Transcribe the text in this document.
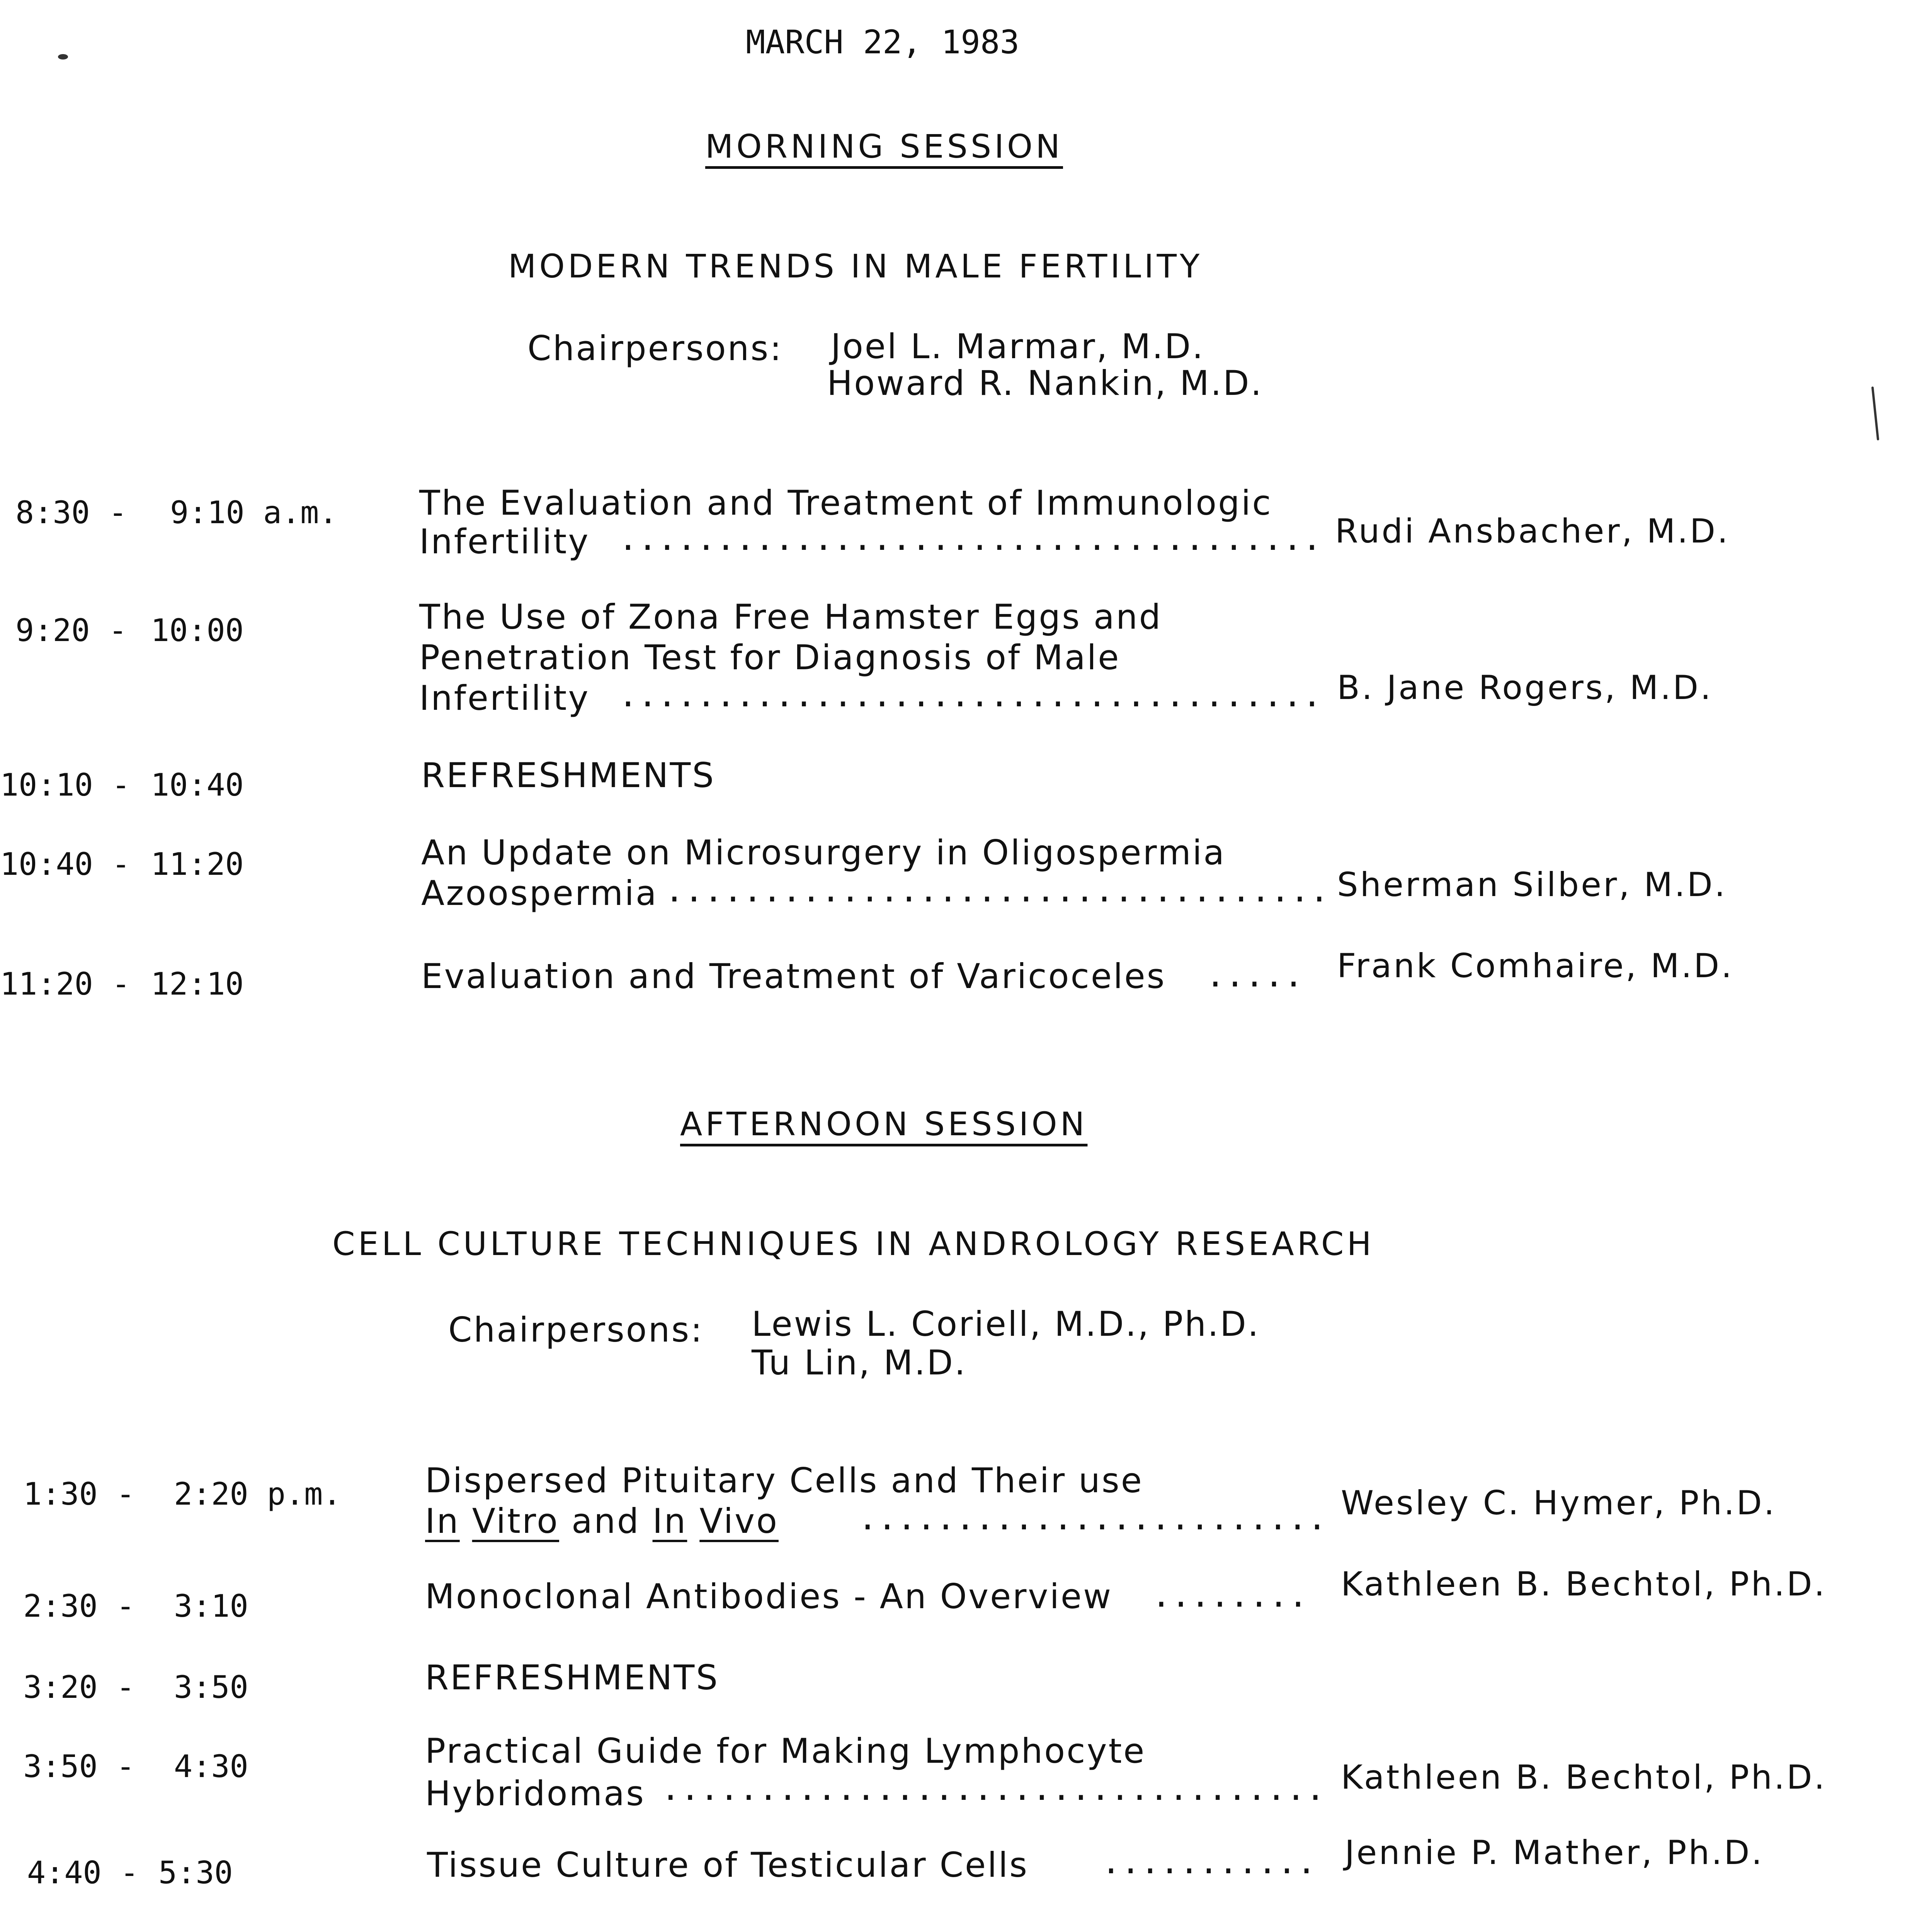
MARCH 22, 1983
MORNING SESSION
MODERN TRENDS IN MALE FERTILITY
Chairpersons: Joel L. Marmar, M.D.
Howard R. Nankin, M.D.
8:30 - 9:10 a.m. The Evaluation and Treatment of Immunologic
Infertility .................................... Rudi Ansbacher, M.D.
9:20 - 10:00	The Use of Zona Free Hamster Eggs and
Penetration Test for Diagnosis of Male
Infertility .................................... B. Jane Rogers, M.D.
10:10 - 10:40	REFRESHMENTS
10:40 - 11:20	An Update on Microsurgery in Oligospermia
Azoospermia .................................. Sherman Silber, M.D.
11:20 - 12:10	Evaluation and Treatment of Varicoceles ..... Frank Comhaire, M.D.
AFTERNOON SESSION
CELL CULTURE TECHNIQUES IN ANDROLOGY RESEARCH
Chairpersons: Lewis L. Coriell, M.D., Ph.D.
Tu Lin, M.D.
1:30 - 2:20 p.m. Dispersed Pituitary Cells and Their use
In Vitro and In Vivo ........................ Wesley C. Hymer, Ph.D.
2:30 - 3:10	Monoclonal Antibodies - An Overview ........ Kathleen B. Bechtol, Ph.D.
3:20 - 3:50	REFRESHMENTS
3:50 - 4:30	Practical Guide for Making Lymphocyte
Hybridomas .................................. Kathleen B. Bechtol, Ph.D.
4:40 - 5:30	Tissue Culture of Testicular Cells ........... Jennie P. Mather, Ph.D.
